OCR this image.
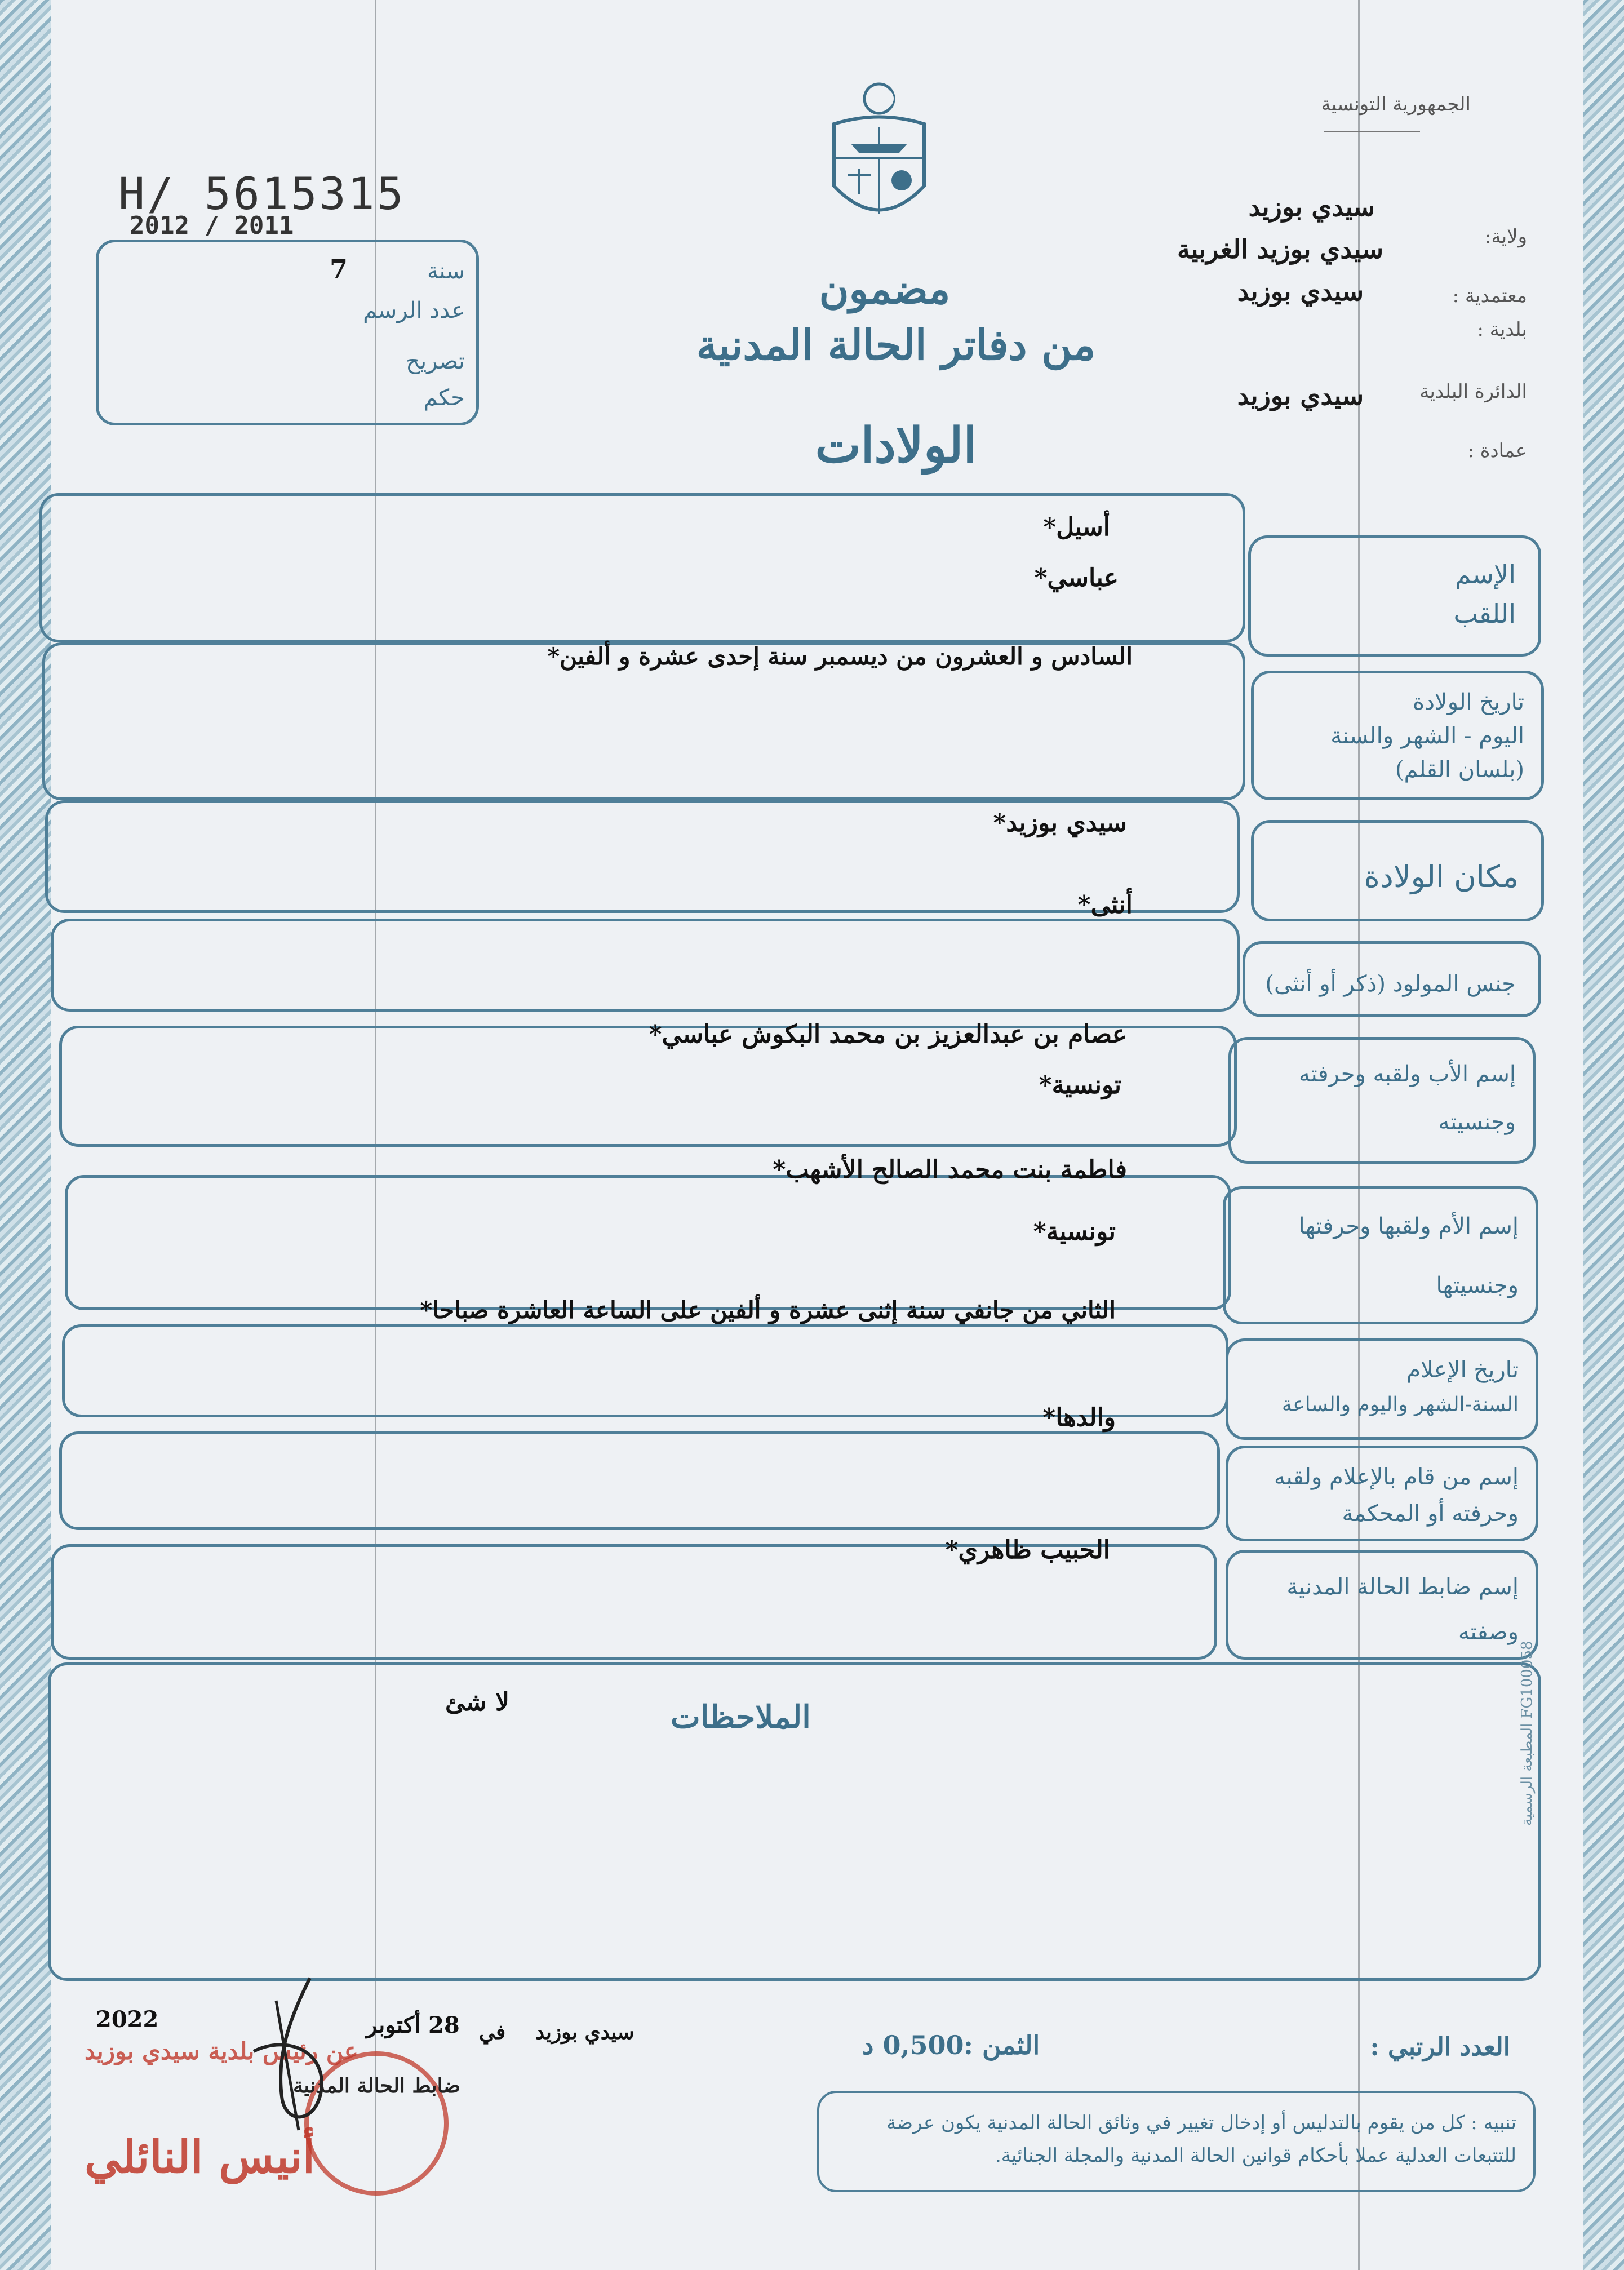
الجمهورية التونسية
سيدي بوزيد
ولاية:
سيدي بوزيد الغربية
معتمدية :
سيدي بوزيد
بلدية :
الدائرة البلدية
سيدي بوزيد
عمادة :
H/ 5615315
2012 / 2011
7	سنة
عدد الرسم
تصريح
حكم
مضمون
من دفاتر الحالة المدنية
الولادات
الإسم
اللقب
أسيل*
عباسي*
تاريخ الولادة
اليوم - الشهر والسنة
(بلسان القلم)
السادس و العشرون من ديسمبر سنة إحدى عشرة و ألفين*
مكان الولادة
سيدي بوزيد*
جنس المولود (ذكر أو أنثى)
أنثى*
إسم الأب ولقبه وحرفته
وجنسيته
عصام بن عبدالعزيز بن محمد البكوش عباسي*
تونسية*
إسم الأم ولقبها وحرفتها
وجنسيتها
فاطمة بنت محمد الصالح الأشهب*
تونسية*
تاريخ الإعلام
السنة-الشهر واليوم والساعة
الثاني من جانفي سنة إثنى عشرة و ألفين على الساعة العاشرة صباحا*
إسم من قام بالإعلام ولقبه
وحرفته أو المحكمة
والدها*
إسم ضابط الحالة المدنية
وصفته
الحبيب ظاهري*
الملاحظات
لا شئ
المطبعة الرسمية FG100058
العدد الرتبي :
الثمن :
0,500 د
سيدي بوزيد
في
28 أكتوبر
2022
عن رئيس بلدية سيدي بوزيد
ضابط الحالة المدنية
أنيس النائلي
تنبيه : كل من يقوم بالتدليس أو إدخال تغيير في وثائق الحالة المدنية يكون عرضة للتتبعات العدلية عملا بأحكام قوانين الحالة المدنية والمجلة الجنائية.
